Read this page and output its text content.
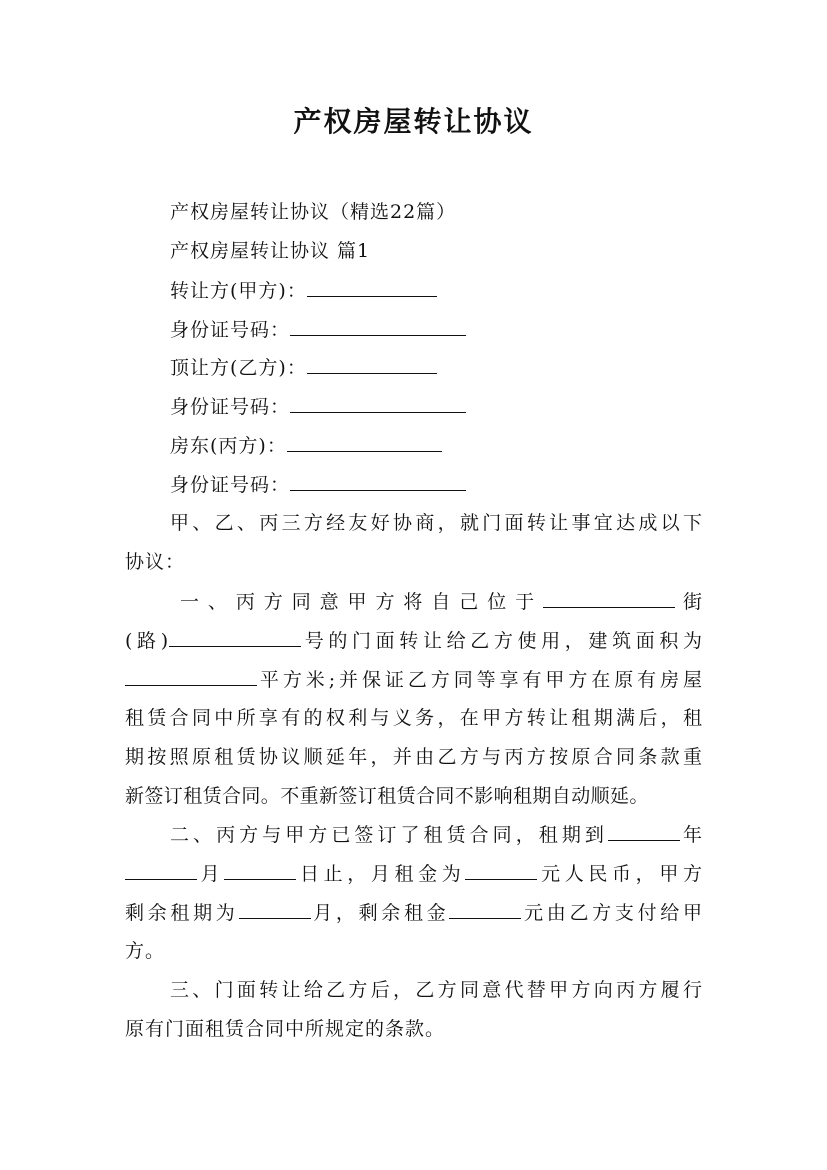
产权房屋转让协议
产权房屋转让协议（精选22篇）
产权房屋转让协议 篇1
转让方(甲方)：
身份证号码：
顶让方(乙方)：
身份证号码：
房东(丙方)：
身份证号码：
甲、乙、丙三方经友好协商，就门面转让事宜达成以下
协议：
一、丙方同意甲方将自己位于	街
(路)	号的门面转让给乙方使用，建筑面积为
平方米;并保证乙方同等享有甲方在原有房屋
租赁合同中所享有的权利与义务，在甲方转让租期满后，租
期按照原租赁协议顺延年，并由乙方与丙方按原合同条款重
新签订租赁合同。不重新签订租赁合同不影响租期自动顺延。
二、丙方与甲方已签订了租赁合同，租期到	年
月	日止，月租金为	元人民币，甲方
剩余租期为	月，剩余租金	元由乙方支付给甲
方。
三、门面转让给乙方后，乙方同意代替甲方向丙方履行
原有门面租赁合同中所规定的条款。
